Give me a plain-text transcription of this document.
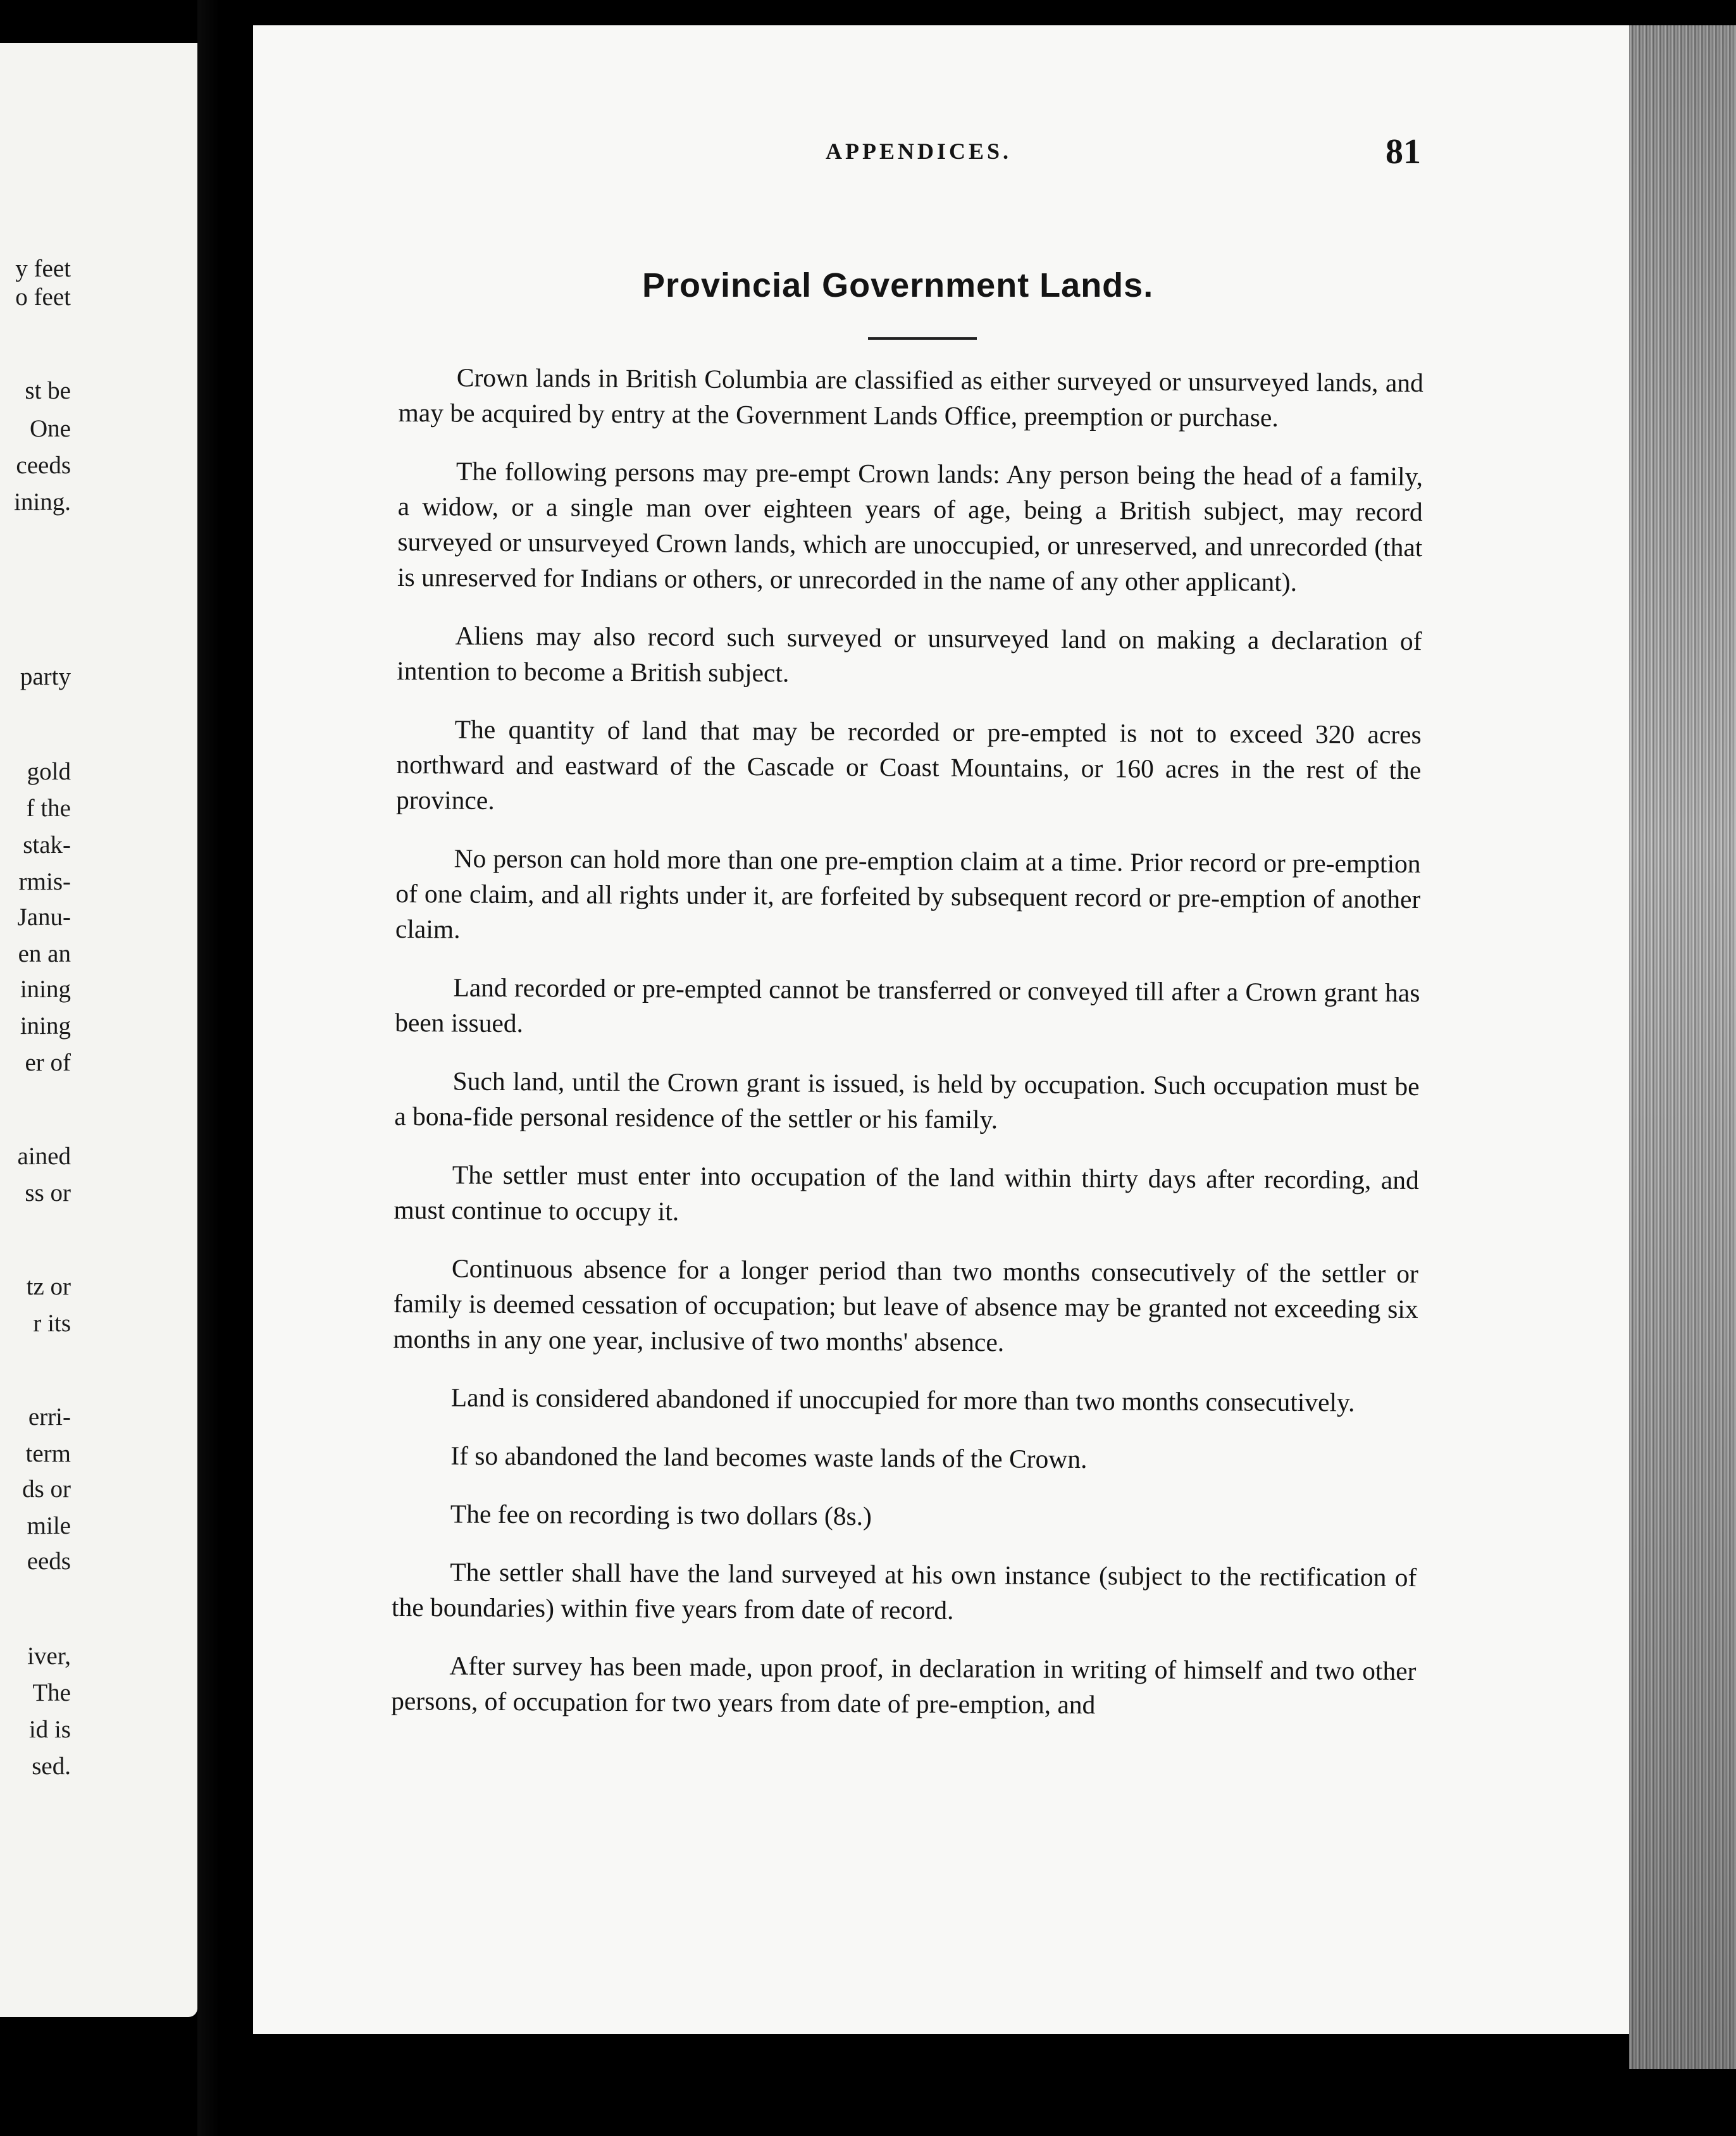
y feet
o feet
st be
One
ceeds
ining.
party
gold
f the
stak-
rmis-
Janu-
en an
ining
ining
er of
ained
ss or
tz or
r its
erri-
term
ds or
mile
eeds
iver,
The
id is
sed.
APPENDICES.	81
Provincial Government Lands.

Crown lands in British Columbia are classified as either surveyed or unsurveyed lands, and may be acquired by entry at the Government Lands Office, preemption or purchase.

The following persons may pre-empt Crown lands: Any person being the head of a family, a widow, or a single man over eighteen years of age, being a British subject, may record surveyed or unsurveyed Crown lands, which are unoccupied, or unreserved, and unrecorded (that is unreserved for Indians or others, or unrecorded in the name of any other applicant).

Aliens may also record such surveyed or unsurveyed land on making a declaration of intention to become a British subject.

The quantity of land that may be recorded or pre-empted is not to exceed 320 acres northward and eastward of the Cascade or Coast Mountains, or 160 acres in the rest of the province.

No person can hold more than one pre-emption claim at a time. Prior record or pre-emption of one claim, and all rights under it, are forfeited by subsequent record or pre-emption of another claim.

Land recorded or pre-empted cannot be transferred or conveyed till after a Crown grant has been issued.

Such land, until the Crown grant is issued, is held by occupation. Such occupation must be a bona-fide personal residence of the settler or his family.

The settler must enter into occupation of the land within thirty days after recording, and must continue to occupy it.

Continuous absence for a longer period than two months consecutively of the settler or family is deemed cessation of occupation; but leave of absence may be granted not exceeding six months in any one year, inclusive of two months' absence.

Land is considered abandoned if unoccupied for more than two months consecutively.

If so abandoned the land becomes waste lands of the Crown.

The fee on recording is two dollars (8s.)

The settler shall have the land surveyed at his own instance (subject to the rectification of the boundaries) within five years from date of record.

After survey has been made, upon proof, in declaration in writing of himself and two other persons, of occupation for two years from date of pre-emption, and
